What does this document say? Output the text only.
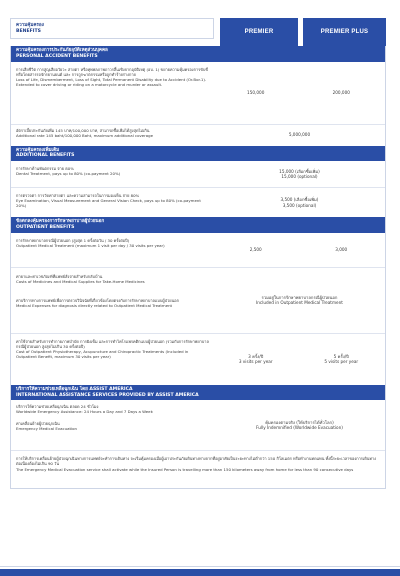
ความคุ้มครอง
BENEFITS	PREMIER	PREMIER PLUS
ความคุ้มครองการประกันภัยอุบัติเหตุส่วนบุคคล
PERSONAL ACCIDENT BENEFITS
การเสียชีวิต การสูญเสียอวัยวะ สายตา หรือทุพพลภาพถาวรสิ้นเชิงจากอุบัติเหตุ (อบ. 1) ขยายความคุ้มครองการขับขี่หรือโดยสารรถจักรยานยนต์ และ การถูกฆาตกรรมหรือถูกทำร้ายร่างกาย
Loss of Life, Dismemberment, Loss of Sight, Total Permanent Disability due to Accident (Or.Bor.1). Extended to cover driving or riding on a motorcycle and murder or assault.
150,000	200,000
อัตราเบี้ยประกันภัยเพิ่ม 145 บาท/100,000 บาท, สามารถซื้อเพิ่มได้สูงสุดไม่เกิน
Additional rate 145 baht/100,000 Baht, maximum additional coverage	5,000,000
ความคุ้มครองเพิ่มเติม
ADDITIONAL BENEFITS
การรักษาด้านทันตกรรม จ่าย 80%
Dental Treatment, pays up to 80% (co-payment 20%)	15,000 (เลือกซื้อเพิ่ม)
15,000 (optional)
การตรวจตา การวัดค่าสายตา และความสามารถในการมองเห็น จ่าย 80%
Eye Examination, Visual Measurement and General Vision Check, pays up to 80% (co-payment 20%)
3,500 (เลือกซื้อเพิ่ม)
3,500 (optional)
ข้อตกลงคุ้มครองการรักษาพยาบาลผู้ป่วยนอก
OUTPATIENT BENEFITS
การรักษาพยาบาลกรณีผู้ป่วยนอก (สูงสุด 1 ครั้งต่อวัน / 30 ครั้งต่อปี)
Outpatient Medical Treatment (maximum 1 visit per day / 30 visits per year)
2,500	3,000
ค่ายาและค่าเวชภัณฑ์ที่แพทย์สั่งจ่ายสำหรับกลับบ้าน
Costs of Medicines and Medical Supplies for Take-Home Medicines
ค่าบริการทางการแพทย์เพื่อการตรวจวินิจฉัยที่เกี่ยวข้องโดยตรงกับการรักษาพยาบาลแบบผู้ป่วยนอก
Medical Expenses for diagnosis directly related to Outpatient Medical Treatment
รวมอยู่ในการรักษาพยาบาลกรณีผู้ป่วยนอก
Included in Outpatient Medical Treatment
ค่าใช้จ่ายสำหรับการทำกายภาพบำบัด การฝังเข็ม และการทำไคโรแพรคติกแบบผู้ป่วยนอก (รวมกับการรักษาพยาบาลกรณีผู้ป่วยนอก สูงสุดไม่เกิน 30 ครั้งต่อปี)
Cost of Outpatient Physiotherapy, Acupuncture and Chiropractic Treatments (Included in Outpatient Benefit, maximum 30 visits per year)	3 ครั้ง/ปี
3 visits per year
5 ครั้ง/ปี
5 visits per year
บริการให้ความช่วยเหลือฉุกเฉิน โดย ASSIST AMERICA
INTERNATIONAL ASSISTANCE SERVICES PROVIDED BY ASSIST AMERICA
บริการให้ความช่วยเหลือฉุกเฉิน ตลอด 24 ชั่วโมง
Worldwide Emergency Assistance: 24 Hours a Day and 7 Days a Week
ค่าเคลื่อนย้ายผู้ป่วยฉุกเฉิน
Emergency Medical Evacuation
คุ้มครองตามจริง (ให้บริการได้ทั่วโลก)
Fully Indemnified (Worldwide Evacuation)
การให้บริการเคลื่อนย้ายผู้ป่วยฉุกเฉินทางการแพทย์จะทำการเดินทาง จะเริ่มคุ้มครองเมื่อผู้เอาประกันภัยเดินทางห่างจากที่อยู่อาศัยเป็นระยะทางไม่ต่ำกว่า 150 กิโลเมตร หรือทำงานทดแทน ทั้งนี้ระยะเวลาของการเดินทางต่อเนื่องต้องไม่เกิน 90 วัน
The Emergency Medical Evacuation service shall activate while the Insured Person is travelling more than 150 kilometers away from home for less than 90 consecutive days
